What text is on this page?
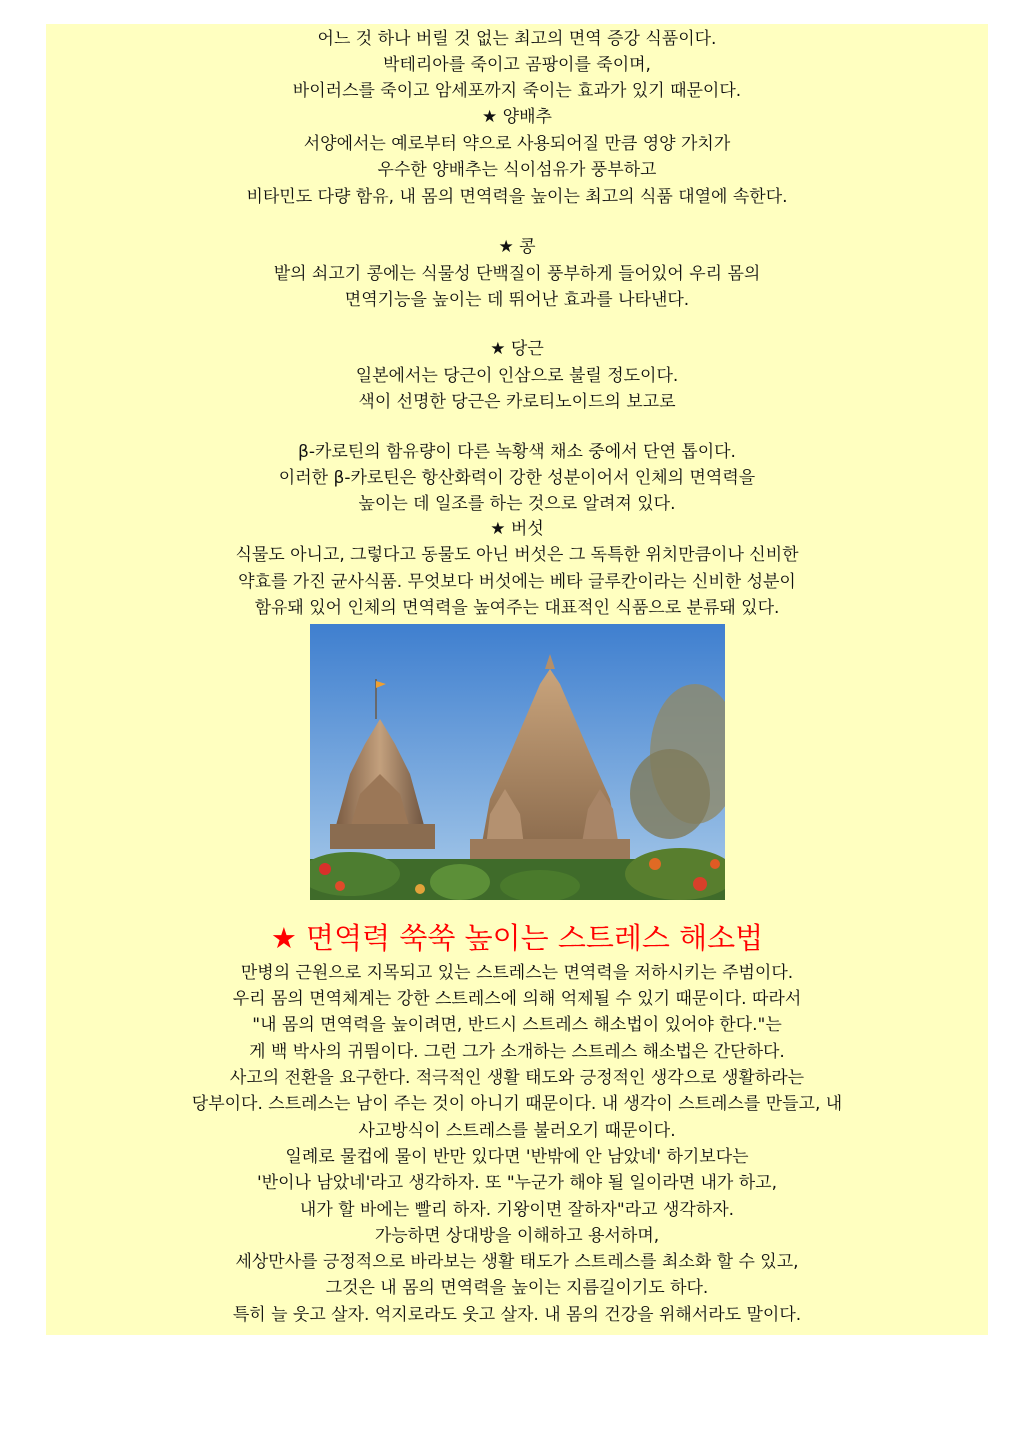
어느 것 하나 버릴 것 없는 최고의 면역 증강 식품이다.
박테리아를 죽이고 곰팡이를 죽이며,
바이러스를 죽이고 암세포까지 죽이는 효과가 있기 때문이다.
★ 양배추
서양에서는 예로부터 약으로 사용되어질 만큼 영양 가치가
우수한 양배추는 식이섬유가 풍부하고
비타민도 다량 함유, 내 몸의 면역력을 높이는 최고의 식품 대열에 속한다.
★ 콩
밭의 쇠고기 콩에는 식물성 단백질이 풍부하게 들어있어 우리 몸의
면역기능을 높이는 데 뛰어난 효과를 나타낸다.
★ 당근
일본에서는 당근이 인삼으로 불릴 정도이다.
색이 선명한 당근은 카로티노이드의 보고로
β-카로틴의 함유량이 다른 녹황색 채소 중에서 단연 톱이다.
이러한 β-카로틴은 항산화력이 강한 성분이어서 인체의 면역력을
높이는 데 일조를 하는 것으로 알려져 있다.
★ 버섯
식물도 아니고, 그렇다고 동물도 아닌 버섯은 그 독특한 위치만큼이나 신비한
약효를 가진 균사식품. 무엇보다 버섯에는 베타 글루칸이라는 신비한 성분이
함유돼 있어 인체의 면역력을 높여주는 대표적인 식품으로 분류돼 있다.
★ 면역력 쑥쑥 높이는 스트레스 해소법
만병의 근원으로 지목되고 있는 스트레스는 면역력을 저하시키는 주범이다.
우리 몸의 면역체계는 강한 스트레스에 의해 억제될 수 있기 때문이다. 따라서
"내 몸의 면역력을 높이려면, 반드시 스트레스 해소법이 있어야 한다."는
게 백 박사의 귀띔이다. 그런 그가 소개하는 스트레스 해소법은 간단하다.
사고의 전환을 요구한다. 적극적인 생활 태도와 긍정적인 생각으로 생활하라는
당부이다. 스트레스는 남이 주는 것이 아니기 때문이다. 내 생각이 스트레스를 만들고, 내
사고방식이 스트레스를 불러오기 때문이다.
일례로 물컵에 물이 반만 있다면 '반밖에 안 남았네' 하기보다는
'반이나 남았네'라고 생각하자. 또 "누군가 해야 될 일이라면 내가 하고,
내가 할 바에는 빨리 하자. 기왕이면 잘하자"라고 생각하자.
가능하면 상대방을 이해하고 용서하며,
세상만사를 긍정적으로 바라보는 생활 태도가 스트레스를 최소화 할 수 있고,
그것은 내 몸의 면역력을 높이는 지름길이기도 하다.
특히 늘 웃고 살자. 억지로라도 웃고 살자. 내 몸의 건강을 위해서라도 말이다.
